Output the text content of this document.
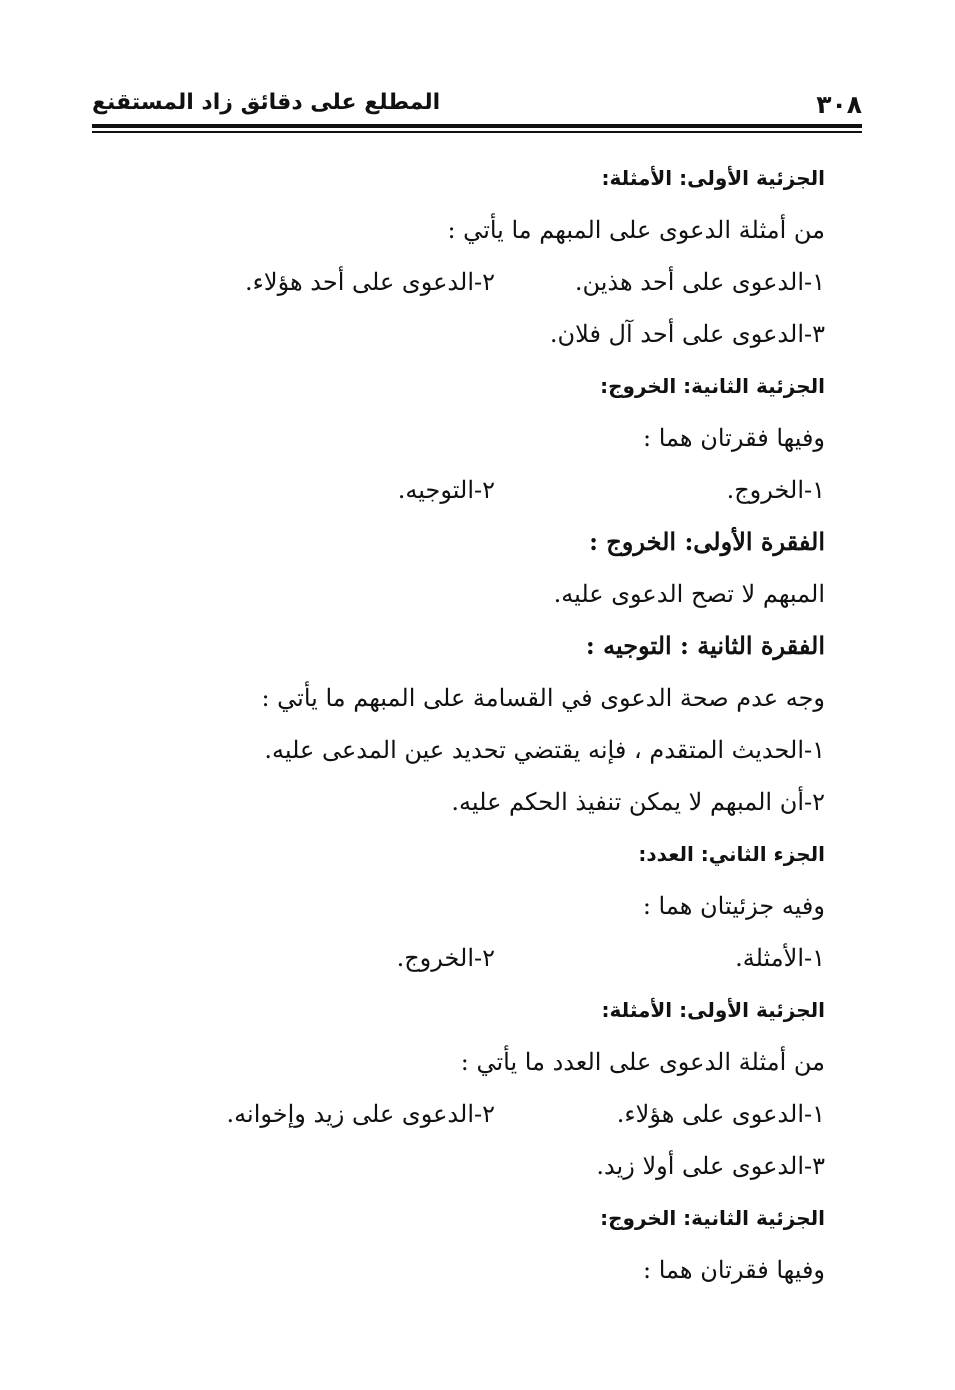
٣٠٨
المطلع على دقائق زاد المستقنع
الجزئية الأولى: الأمثلة:
من أمثلة الدعوى على المبهم ما يأتي :
١-الدعوى على أحد هذين.
٢-الدعوى على أحد هؤلاء.
٣-الدعوى على أحد آل فلان.
الجزئية الثانية: الخروج:
وفيها فقرتان هما :
١-الخروج.
٢-التوجيه.
الفقرة الأولى: الخروج :
المبهم لا تصح الدعوى عليه.
الفقرة الثانية : التوجيه :
وجه عدم صحة الدعوى في القسامة على المبهم ما يأتي :
١-الحديث المتقدم ، فإنه يقتضي تحديد عين المدعى عليه.
٢-أن المبهم لا يمكن تنفيذ الحكم عليه.
الجزء الثاني: العدد:
وفيه جزئيتان هما :
١-الأمثلة.
٢-الخروج.
الجزئية الأولى: الأمثلة:
من أمثلة الدعوى على العدد ما يأتي :
١-الدعوى على هؤلاء.
٢-الدعوى على زيد وإخوانه.
٣-الدعوى على أولا زيد.
الجزئية الثانية: الخروج:
وفيها فقرتان هما :
